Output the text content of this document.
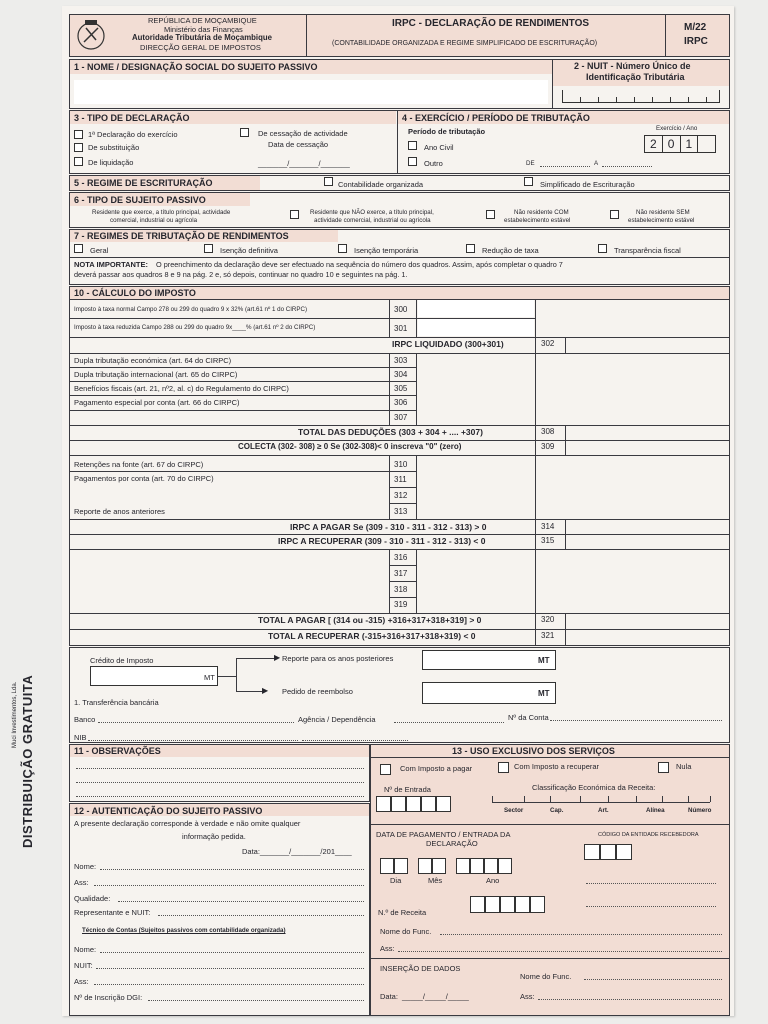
REPÚBLICA DE MOÇAMBIQUE
Ministério das Finanças
Autoridade Tributária de Moçambique
DIRECÇÃO GERAL DE IMPOSTOS
IRPC - DECLARAÇÃO DE RENDIMENTOS
(CONTABILIDADE ORGANIZADA E REGIME SIMPLIFICADO DE ESCRITURAÇÃO)
M/22
IRPC
1 - NOME / DESIGNAÇÃO SOCIAL DO SUJEITO PASSIVO	2 - NUIT - Número Único de
Identificação Tributária
3 - TIPO DE DECLARAÇÃO
1ª Declaração do exercício
De substituição
De liquidação
De cessação de actividade
Data de cessação
_______/_______/_______
4 - EXERCÍCIO / PERÍODO DE TRIBUTAÇÃO
Período de tributação	Exercício / Ano
Ano Civil
Outro	DE	A
2 0 1
5 - REGIME DE ESCRITURAÇÃO	Contabilidade organizada	Simplificado de Escrituração
6 - TIPO DE SUJEITO PASSIVO
Residente que exerce, a título principal, actividade
comercial, industrial ou agrícola
Residente que NÃO exerce, a título principal,
actividade comercial, industrial ou agrícola
Não residente COM
estabelecimento estável
Não residente SEM
estabelecimento estável
7 - REGIMES DE TRIBUTAÇÃO DE RENDIMENTOS
Geral	Isenção definitiva	Isenção temporária	Redução de taxa	Transparência fiscal
NOTA IMPORTANTE: O preenchimento da declaração deve ser efectuado na sequência do número dos quadros. Assim, após completar o quadro 7
deverá passar aos quadros 8 e 9 na pág. 2 e, só depois, continuar no quadro 10 e seguintes na pág. 1.
10 - CÁLCULO DO IMPOSTO
Imposto à taxa normal Campo 278 ou 299 do quadro 9 x 32% (art.61 nº 1 do CIRPC)	300
Imposto à taxa reduzida Campo 288 ou 299 do quadro 9x____% (art.61 nº 2 do CIRPC)	301
IRPC LIQUIDADO (300+301)	302
Dupla tributação económica (art. 64 do CIRPC)	303
Dupla tributação internacional (art. 65 do CIRPC)	304
Benefícios fiscais (art. 21, nº2, al. c) do Regulamento do CIRPC)	305
Pagamento especial por conta (art. 66 do CIRPC)	306
307
TOTAL DAS DEDUÇÕES (303 + 304 + .... +307)	308
COLECTA (302- 308) ≥ 0 Se (302-308)< 0 inscreva "0" (zero)	309
Retenções na fonte (art. 67 do CIRPC)	310
Pagamentos por conta (art. 70 do CIRPC)	311
312
Reporte de anos anteriores	313
IRPC A PAGAR Se (309 - 310 - 311 - 312 - 313) > 0	314
IRPC A RECUPERAR (309 - 310 - 311 - 312 - 313) < 0	315
316
317
318
319
TOTAL A PAGAR [ (314 ou -315) +316+317+318+319] > 0	320
TOTAL A RECUPERAR (-315+316+317+318+319) < 0	321
Crédito de Imposto
MT
▶
▶
Reporte para os anos posteriores
Pedido de reembolso
MT
MT
1. Transferência bancária
Banco	Agência / Dependência	Nº da Conta
NIB
11 - OBSERVAÇÕES	13 - USO EXCLUSIVO DOS SERVIÇOS
Com Imposto a pagar	Com Imposto a recuperar	Nula
Nº de Entrada	Classificação Económica da Receita:
Sector	Cap.	Art.	Alínea	Número
DATA DE PAGAMENTO / ENTRADA DA
DECLARAÇÃO
CÓDIGO DA ENTIDADE RECEBEDORA
Dia	Mês	Ano
N.º de Receita
Nome do Func.
Ass:
INSERÇÃO DE DADOS
Nome do Func.
Data: _____/_____/_____	Ass:
12 - AUTENTICAÇÃO DO SUJEITO PASSIVO
A presente declaração corresponde à verdade e não omite qualquer
informação pedida.
Data:_______/_______/201____
Nome:
Ass:
Qualidade:
Representante e NUIT:
Técnico de Contas (Sujeitos passivos com contabilidade organizada)
Nome:
NUIT:
Ass:
Nº de Inscrição DGI:
Muci Investimentos, Lda. DISTRIBUIÇÃO GRATUITA
